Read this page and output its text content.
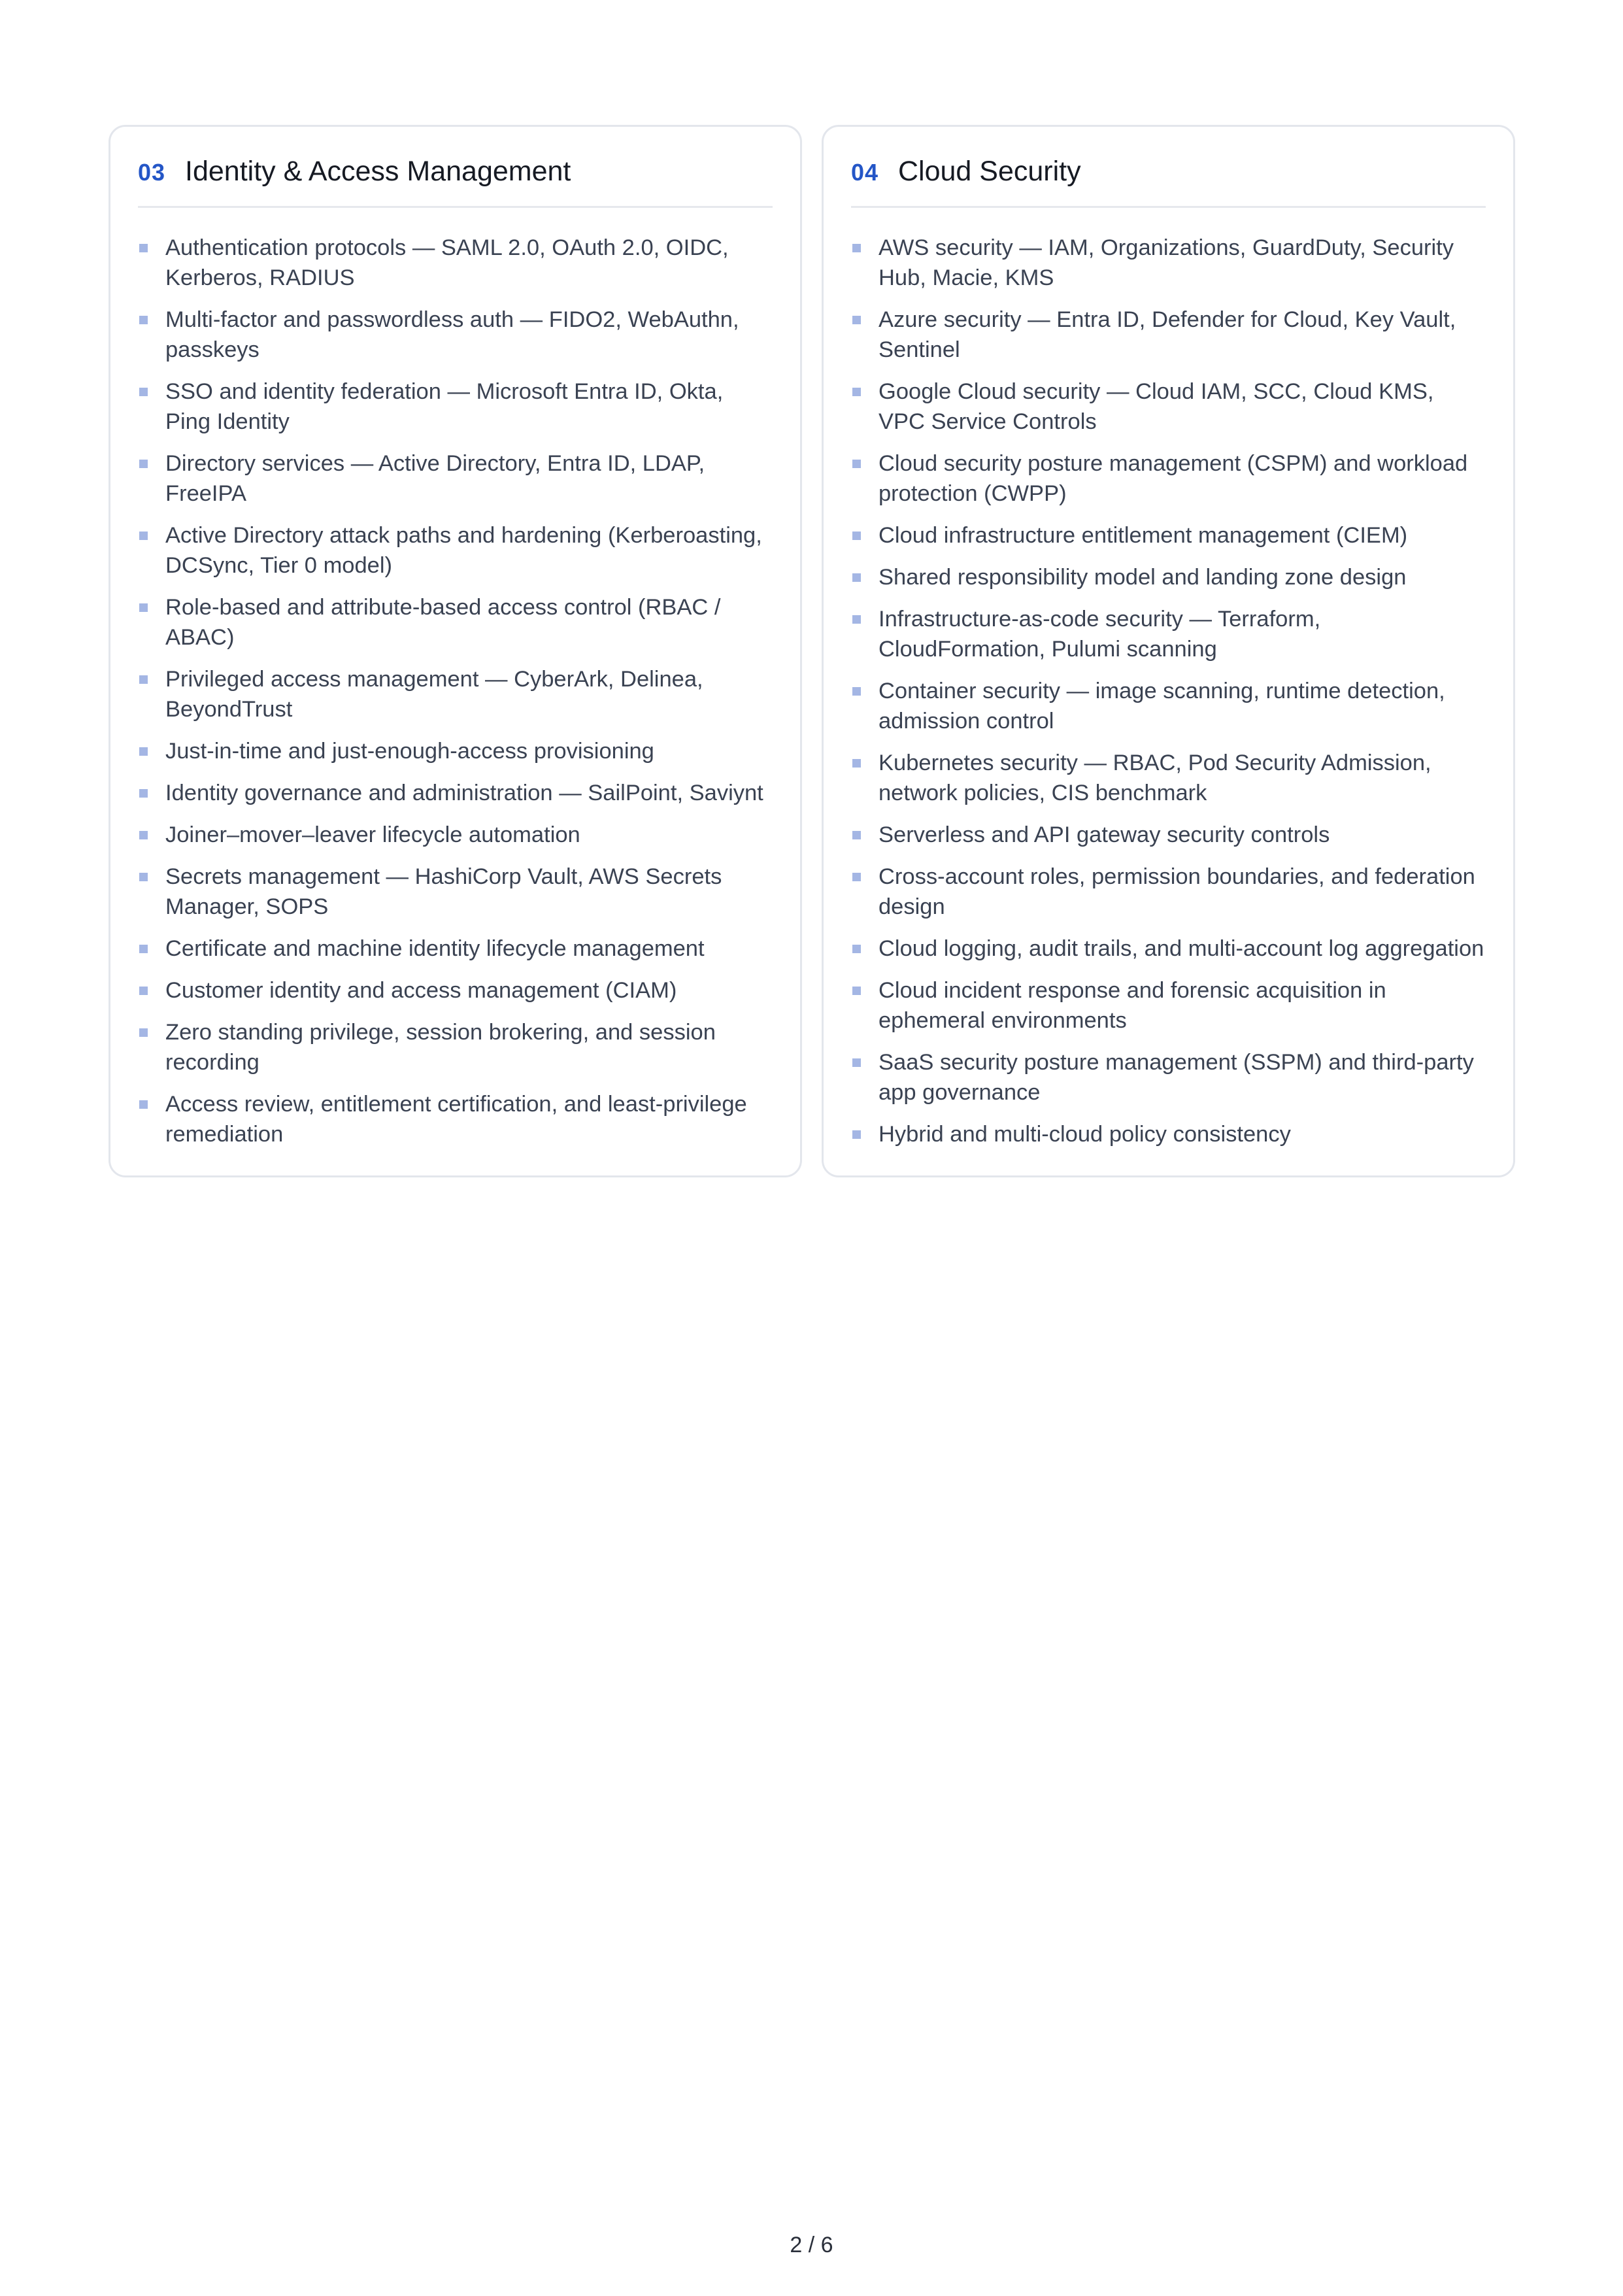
03 Identity & Access Management
Authentication protocols — SAML 2.0, OAuth 2.0, OIDC, Kerberos, RADIUS
Multi-factor and passwordless auth — FIDO2, WebAuthn, passkeys
SSO and identity federation — Microsoft Entra ID, Okta, Ping Identity
Directory services — Active Directory, Entra ID, LDAP, FreeIPA
Active Directory attack paths and hardening (Kerberoasting, DCSync, Tier 0 model)
Role-based and attribute-based access control (RBAC / ABAC)
Privileged access management — CyberArk, Delinea, BeyondTrust
Just-in-time and just-enough-access provisioning
Identity governance and administration — SailPoint, Saviynt
Joiner–mover–leaver lifecycle automation
Secrets management — HashiCorp Vault, AWS Secrets Manager, SOPS
Certificate and machine identity lifecycle management
Customer identity and access management (CIAM)
Zero standing privilege, session brokering, and session recording
Access review, entitlement certification, and least-privilege remediation
04 Cloud Security
AWS security — IAM, Organizations, GuardDuty, Security Hub, Macie, KMS
Azure security — Entra ID, Defender for Cloud, Key Vault, Sentinel
Google Cloud security — Cloud IAM, SCC, Cloud KMS, VPC Service Controls
Cloud security posture management (CSPM) and workload protection (CWPP)
Cloud infrastructure entitlement management (CIEM)
Shared responsibility model and landing zone design
Infrastructure-as-code security — Terraform, CloudFormation, Pulumi scanning
Container security — image scanning, runtime detection, admission control
Kubernetes security — RBAC, Pod Security Admission, network policies, CIS benchmark
Serverless and API gateway security controls
Cross-account roles, permission boundaries, and federation design
Cloud logging, audit trails, and multi-account log aggregation
Cloud incident response and forensic acquisition in ephemeral environments
SaaS security posture management (SSPM) and third-party app governance
Hybrid and multi-cloud policy consistency
2 / 6
